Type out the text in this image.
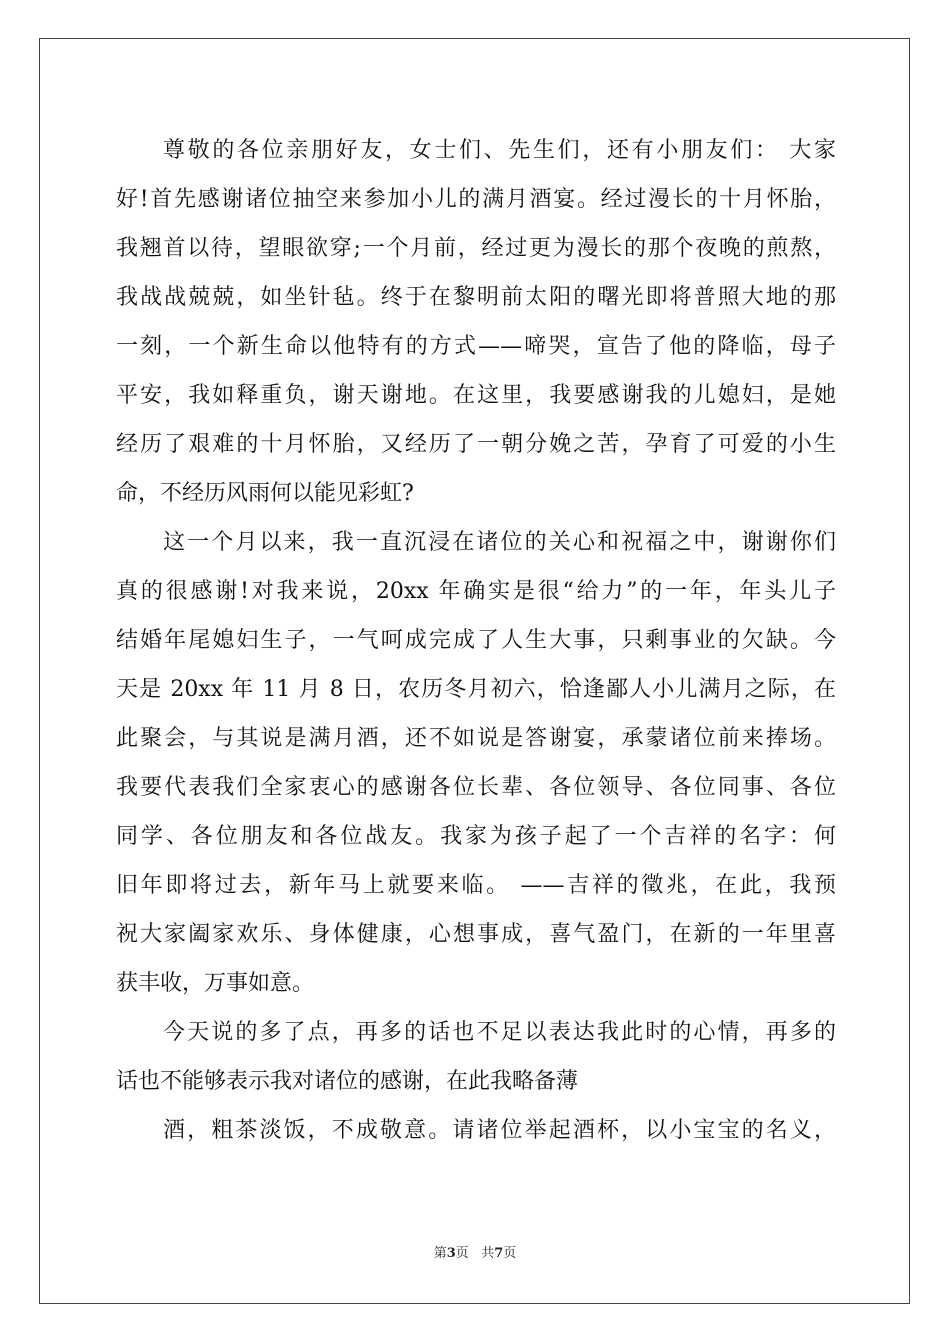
尊敬的各位亲朋好友，女士们、先生们，还有小朋友们： 大家
好!首先感谢诸位抽空来参加小儿的满月酒宴。经过漫长的十月怀胎，
我翘首以待，望眼欲穿;一个月前，经过更为漫长的那个夜晚的煎熬，
我战战兢兢，如坐针毡。终于在黎明前太阳的曙光即将普照大地的那
一刻，一个新生命以他特有的方式——啼哭，宣告了他的降临，母子
平安，我如释重负，谢天谢地。在这里，我要感谢我的儿媳妇，是她
经历了艰难的十月怀胎，又经历了一朝分娩之苦，孕育了可爱的小生
命，不经历风雨何以能见彩虹?
这一个月以来，我一直沉浸在诸位的关心和祝福之中，谢谢你们
真的很感谢!对我来说，20xx 年确实是很“给力”的一年，年头儿子
结婚年尾媳妇生子，一气呵成完成了人生大事，只剩事业的欠缺。今
天是 20xx 年 11 月 8 日，农历冬月初六，恰逢鄙人小儿满月之际，在
此聚会，与其说是满月酒，还不如说是答谢宴，承蒙诸位前来捧场。
我要代表我们全家衷心的感谢各位长辈、各位领导、各位同事、各位
同学、各位朋友和各位战友。我家为孩子起了一个吉祥的名字：何
旧年即将过去，新年马上就要来临。 ——吉祥的徵兆，在此，我预
祝大家阖家欢乐、身体健康，心想事成，喜气盈门，在新的一年里喜
获丰收，万事如意。
今天说的多了点，再多的话也不足以表达我此时的心情，再多的
话也不能够表示我对诸位的感谢，在此我略备薄
酒，粗茶淡饭，不成敬意。请诸位举起酒杯，以小宝宝的名义，
第3页 共7页
